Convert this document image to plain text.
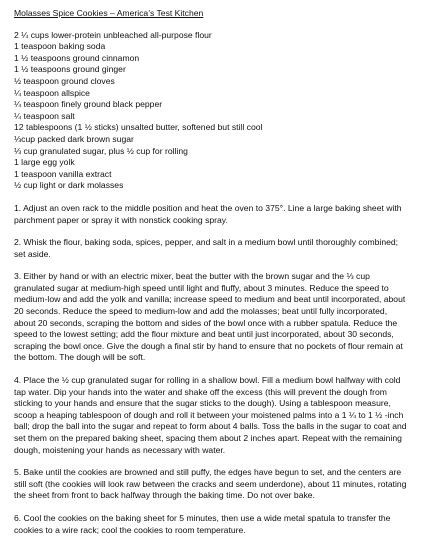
Molasses Spice Cookies – America’s Test Kitchen
2 ¼ cups lower-protein unbleached all-purpose flour
1 teaspoon baking soda
1 ½ teaspoons ground cinnamon
1 ½ teaspoons ground ginger
½ teaspoon ground cloves
¼ teaspoon allspice
¼ teaspoon finely ground black pepper
¼ teaspoon salt
12 tablespoons (1 ½ sticks) unsalted butter, softened but still cool
⅓cup packed dark brown sugar
⅓ cup granulated sugar, plus ½ cup for rolling
1 large egg yolk
1 teaspoon vanilla extract
½ cup light or dark molasses

1. Adjust an oven rack to the middle position and heat the oven to 375°. Line a large baking sheet with parchment paper or spray it with nonstick cooking spray.

2. Whisk the flour, baking soda, spices, pepper, and salt in a medium bowl until thoroughly combined; set aside.

3. Either by hand or with an electric mixer, beat the butter with the brown sugar and the ⅓ cup granulated sugar at medium-high speed until light and fluffy, about 3 minutes. Reduce the speed to medium-low and add the yolk and vanilla; increase speed to medium and beat until incorporated, about 20 seconds. Reduce the speed to medium-low and add the molasses; beat until fully incorporated, about 20 seconds, scraping the bottom and sides of the bowl once with a rubber spatula. Reduce the speed to the lowest setting; add the flour mixture and beat until just incorporated, about 30 seconds, scraping the bowl once. Give the dough a final stir by hand to ensure that no pockets of flour remain at the bottom. The dough will be soft.

4. Place the ½ cup granulated sugar for rolling in a shallow bowl. Fill a medium bowl halfway with cold tap water. Dip your hands into the water and shake off the excess (this will prevent the dough from sticking to your hands and ensure that the sugar sticks to the dough). Using a tablespoon measure, scoop a heaping tablespoon of dough and roll it between your moistened palms into a 1 ¼ to 1 ½ -inch ball; drop the ball into the sugar and repeat to form about 4 balls. Toss the balls in the sugar to coat and set them on the prepared baking sheet, spacing them about 2 inches apart. Repeat with the remaining dough, moistening your hands as necessary with water.

5. Bake until the cookies are browned and still puffy, the edges have begun to set, and the centers are still soft (the cookies will look raw between the cracks and seem underdone), about 11 minutes, rotating the sheet from front to back halfway through the baking time. Do not over bake.

6. Cool the cookies on the baking sheet for 5 minutes, then use a wide metal spatula to transfer the cookies to a wire rack; cool the cookies to room temperature.
